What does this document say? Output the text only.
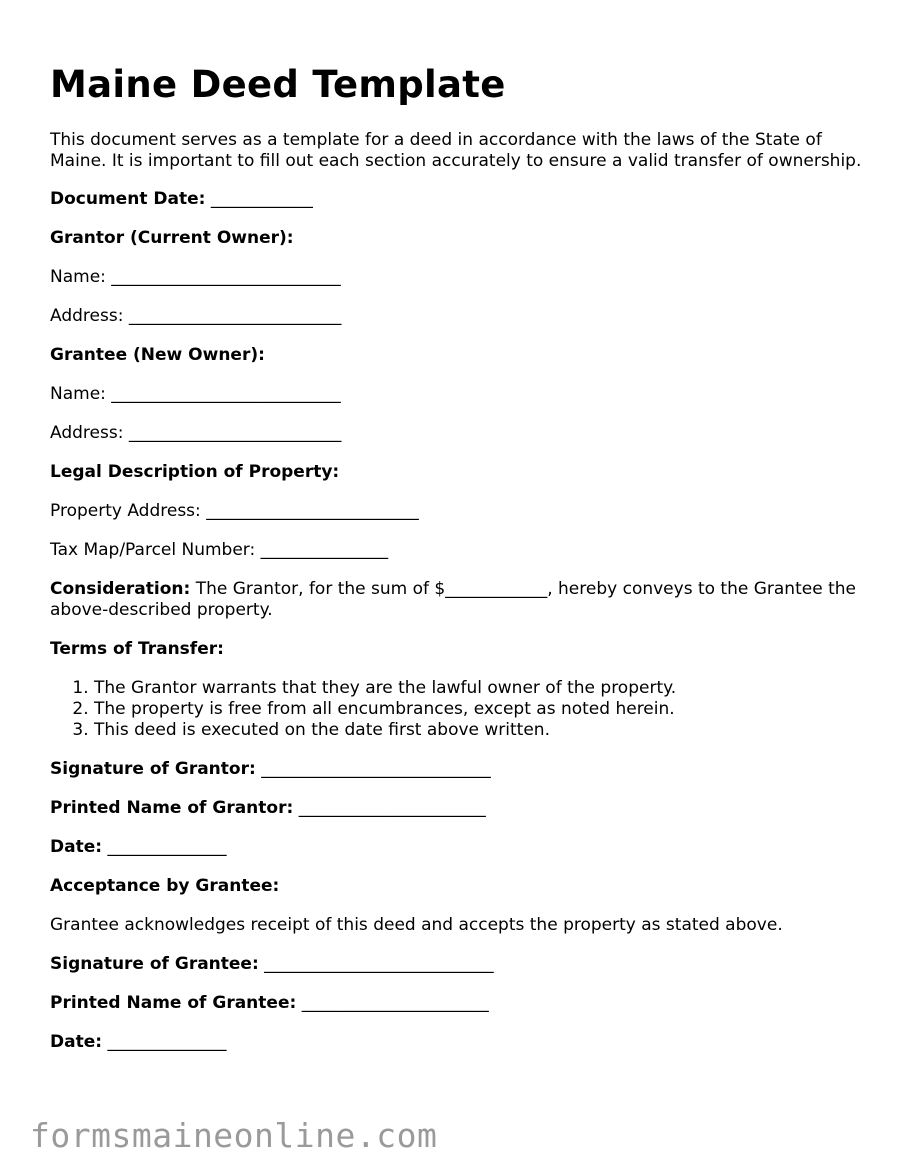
Maine Deed Template

This document serves as a template for a deed in accordance with the laws of the State of Maine. It is important to fill out each section accurately to ensure a valid transfer of ownership.

Document Date: ____________

Grantor (Current Owner):

Name: ___________________________

Address: _________________________

Grantee (New Owner):

Name: ___________________________

Address: _________________________

Legal Description of Property:

Property Address: _________________________

Tax Map/Parcel Number: _______________

Consideration: The Grantor, for the sum of $____________, hereby conveys to the Grantee the above-described property.

Terms of Transfer:

1. The Grantor warrants that they are the lawful owner of the property.
2. The property is free from all encumbrances, except as noted herein.
3. This deed is executed on the date first above written.

Signature of Grantor: ___________________________

Printed Name of Grantor: ______________________

Date: ______________

Acceptance by Grantee:

Grantee acknowledges receipt of this deed and accepts the property as stated above.

Signature of Grantee: ___________________________

Printed Name of Grantee: ______________________

Date: ______________

formsmaineonline.com
